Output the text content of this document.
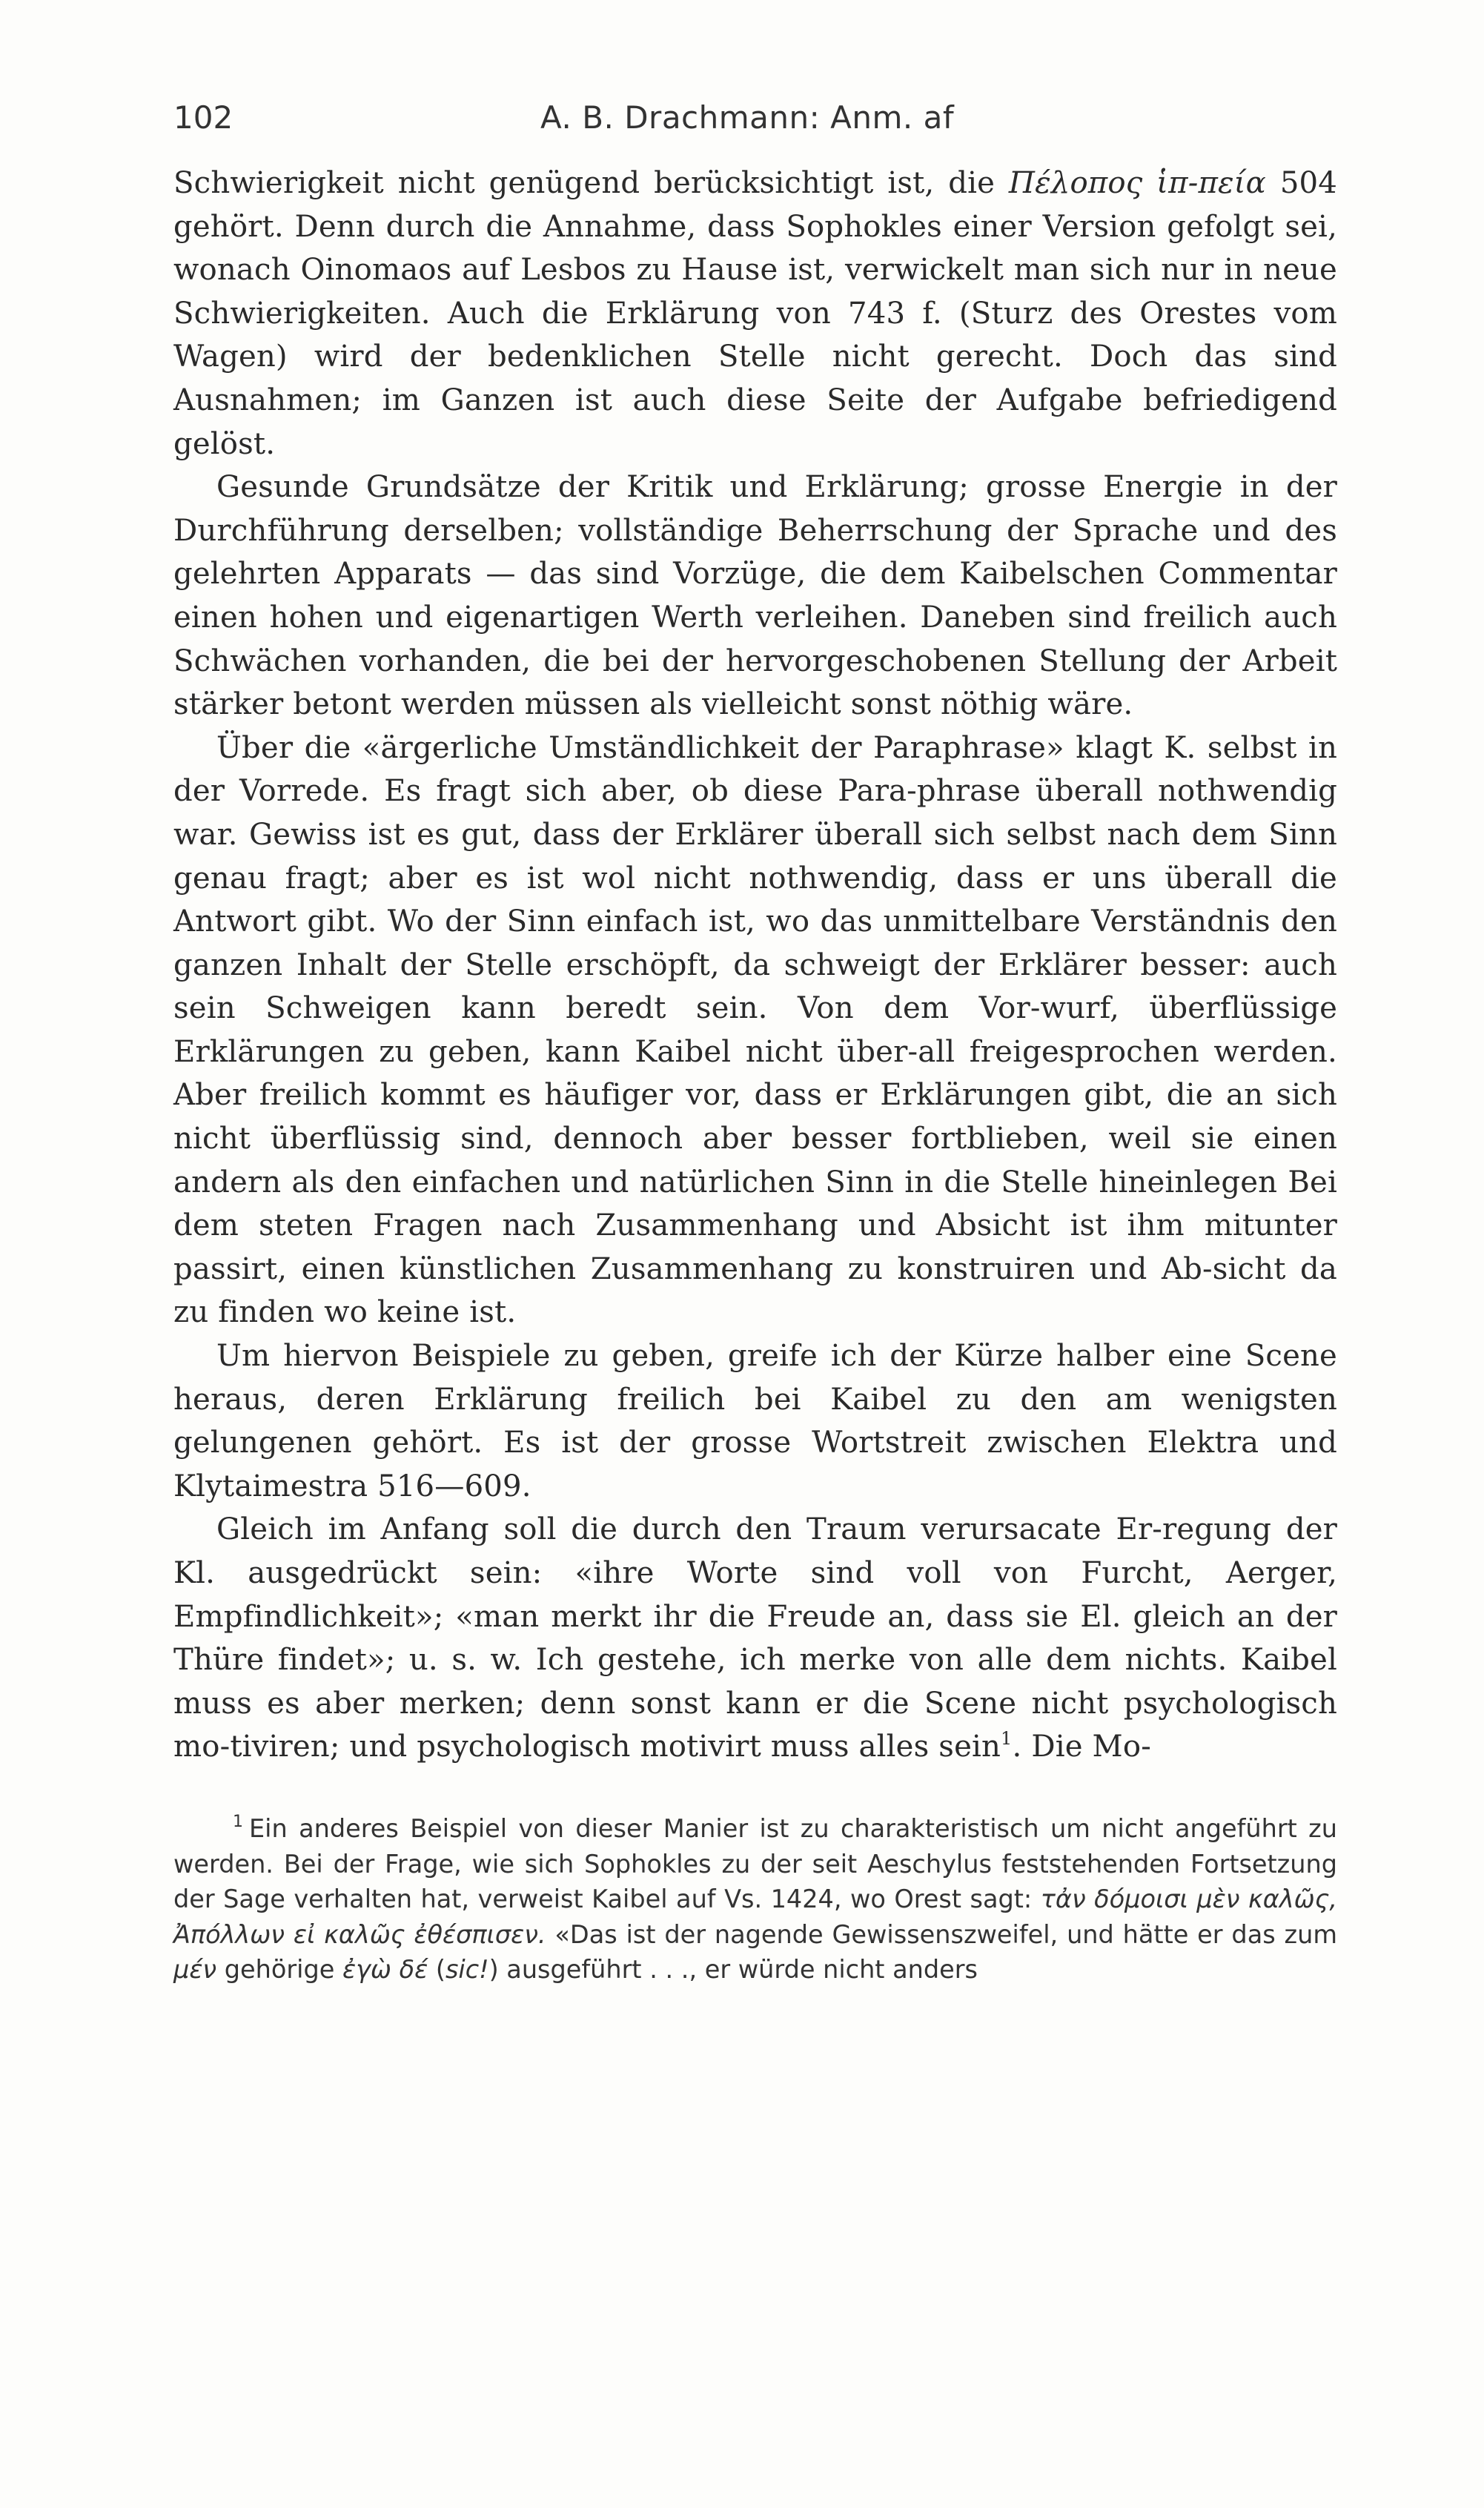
102	A. B. Drachmann: Anm. af

Schwierigkeit nicht genügend berücksichtigt ist, die Πέλοπος ἱπ-πεία 504 gehört. Denn durch die Annahme, dass Sophokles einer Version gefolgt sei, wonach Oinomaos auf Lesbos zu Hause ist, verwickelt man sich nur in neue Schwierigkeiten. Auch die Erklärung von 743 f. (Sturz des Orestes vom Wagen) wird der bedenklichen Stelle nicht gerecht. Doch das sind Ausnahmen; im Ganzen ist auch diese Seite der Aufgabe befriedigend gelöst.

Gesunde Grundsätze der Kritik und Erklärung; grosse Energie in der Durchführung derselben; vollständige Beherrschung der Sprache und des gelehrten Apparats — das sind Vorzüge, die dem Kaibelschen Commentar einen hohen und eigenartigen Werth verleihen. Daneben sind freilich auch Schwächen vorhanden, die bei der hervorgeschobenen Stellung der Arbeit stärker betont werden müssen als vielleicht sonst nöthig wäre.

Über die «ärgerliche Umständlichkeit der Paraphrase» klagt K. selbst in der Vorrede. Es fragt sich aber, ob diese Para-phrase überall nothwendig war. Gewiss ist es gut, dass der Erklärer überall sich selbst nach dem Sinn genau fragt; aber es ist wol nicht nothwendig, dass er uns überall die Antwort gibt. Wo der Sinn einfach ist, wo das unmittelbare Verständnis den ganzen Inhalt der Stelle erschöpft, da schweigt der Erklärer besser: auch sein Schweigen kann beredt sein. Von dem Vor-wurf, überflüssige Erklärungen zu geben, kann Kaibel nicht über-all freigesprochen werden. Aber freilich kommt es häufiger vor, dass er Erklärungen gibt, die an sich nicht überflüssig sind, dennoch aber besser fortblieben, weil sie einen andern als den einfachen und natürlichen Sinn in die Stelle hineinlegen Bei dem steten Fragen nach Zusammenhang und Absicht ist ihm mitunter passirt, einen künstlichen Zusammenhang zu konstruiren und Ab-sicht da zu finden wo keine ist.

Um hiervon Beispiele zu geben, greife ich der Kürze halber eine Scene heraus, deren Erklärung freilich bei Kaibel zu den am wenigsten gelungenen gehört. Es ist der grosse Wortstreit zwischen Elektra und Klytaimestra 516—609.

Gleich im Anfang soll die durch den Traum verursacate Er-regung der Kl. ausgedrückt sein: «ihre Worte sind voll von Furcht, Aerger, Empfindlichkeit»; «man merkt ihr die Freude an, dass sie El. gleich an der Thüre findet»; u. s. w. Ich gestehe, ich merke von alle dem nichts. Kaibel muss es aber merken; denn sonst kann er die Scene nicht psychologisch mo-tiviren; und psychologisch motivirt muss alles sein$^1$. Die Mo-

$^1$ Ein anderes Beispiel von dieser Manier ist zu charakteristisch um nicht angeführt zu werden. Bei der Frage, wie sich Sophokles zu der seit Aeschylus feststehenden Fortsetzung der Sage verhalten hat, verweist Kaibel auf Vs. 1424, wo Orest sagt: τἀν δόμοισι μὲν καλῶς, Ἀπόλλων εἰ καλῶς ἐθέσπισεν. «Das ist der nagende Gewissenszweifel, und hätte er das zum μέν gehörige ἐγὼ δέ (sic!) ausgeführt . . ., er würde nicht anders
